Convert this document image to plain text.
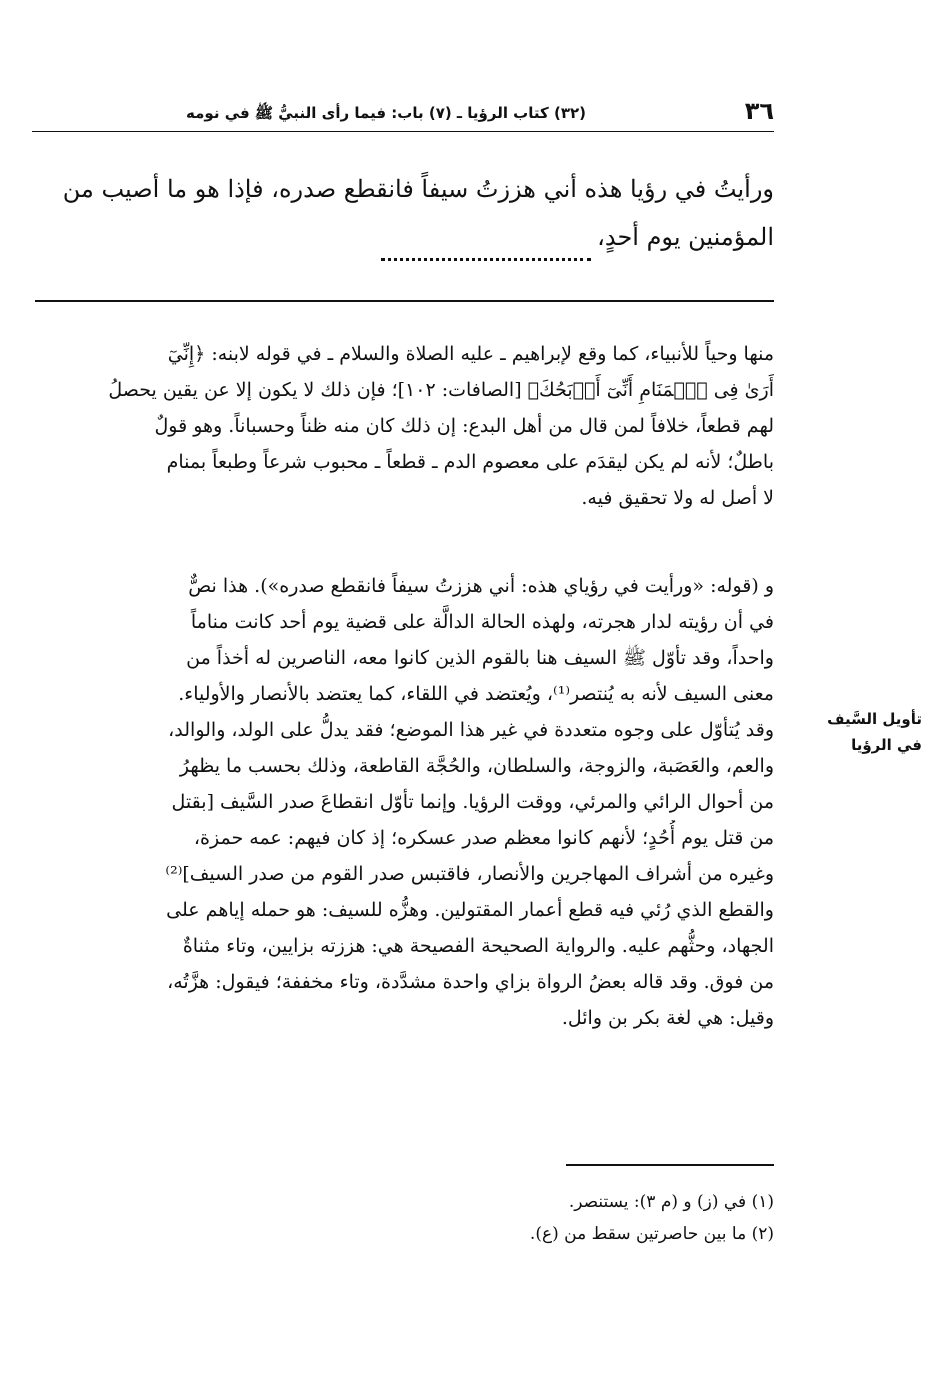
٣٦
(٣٢) كتاب الرؤيا ـ (٧) باب: فيما رأى النبيُّ ﷺ في نومه
ورأيتُ في رؤيا هذه أني هززتُ سيفاً فانقطع صدره، فإذا هو ما أصيب من
المؤمنين يوم أحدٍ،
منها وحياً للأنبياء، كما وقع لإبراهيم ـ عليه الصلاة والسلام ـ في قوله لابنه: ﴿إِنِّيٓ
أَرَىٰ فِى ٱلۡمَنَامِ أَنِّىٓ أَذۡبَحُكَ﴾ [الصافات: ١٠٢]؛ فإن ذلك لا يكون إلا عن يقين يحصلُ
لهم قطعاً، خلافاً لمن قال من أهل البدع: إن ذلك كان منه ظناً وحسباناً. وهو قولٌ
باطلٌ؛ لأنه لم يكن ليقدَم على معصوم الدم ـ قطعاً ـ محبوب شرعاً وطبعاً بمنام
لا أصل له ولا تحقيق فيه.
و (قوله: «ورأيت في رؤياي هذه: أني هززتُ سيفاً فانقطع صدره»). هذا نصٌّ
في أن رؤيته لدار هجرته، ولهذه الحالة الدالَّة على قضية يوم أحد كانت مناماً
واحداً، وقد تأوّل ﷺ السيف هنا بالقوم الذين كانوا معه، الناصرين له أخذاً من
معنى السيف لأنه به يُنتصر⁽¹⁾، ويُعتضد في اللقاء، كما يعتضد بالأنصار والأولياء.
وقد يُتأوّل على وجوه متعددة في غير هذا الموضع؛ فقد يدلُّ على الولد، والوالد،
والعم، والعَصَبة، والزوجة، والسلطان، والحُجَّة القاطعة، وذلك بحسب ما يظهرُ
من أحوال الرائي والمرئي، ووقت الرؤيا. وإنما تأوّل انقطاعَ صدر السَّيف [بقتل
من قتل يوم أُحُدٍ؛ لأنهم كانوا معظم صدر عسكره؛ إذ كان فيهم: عمه حمزة،
وغيره من أشراف المهاجرين والأنصار، فاقتبس صدر القوم من صدر السيف]⁽²⁾
والقطع الذي رُئي فيه قطع أعمار المقتولين. وهزُّه للسيف: هو حمله إياهم على
الجهاد، وحثُّهم عليه. والرواية الصحيحة الفصيحة هي: هززته بزايين، وتاء مثناةٌ
من فوق. وقد قاله بعضُ الرواة بزاي واحدة مشدَّدة، وتاء مخففة؛ فيقول: هزَّتُه،
وقيل: هي لغة بكر بن وائل.
تأويل السَّيف
في الرؤيا
(١) في (ز) و (م ٣): يستنصر.
(٢) ما بين حاصرتين سقط من (ع).
